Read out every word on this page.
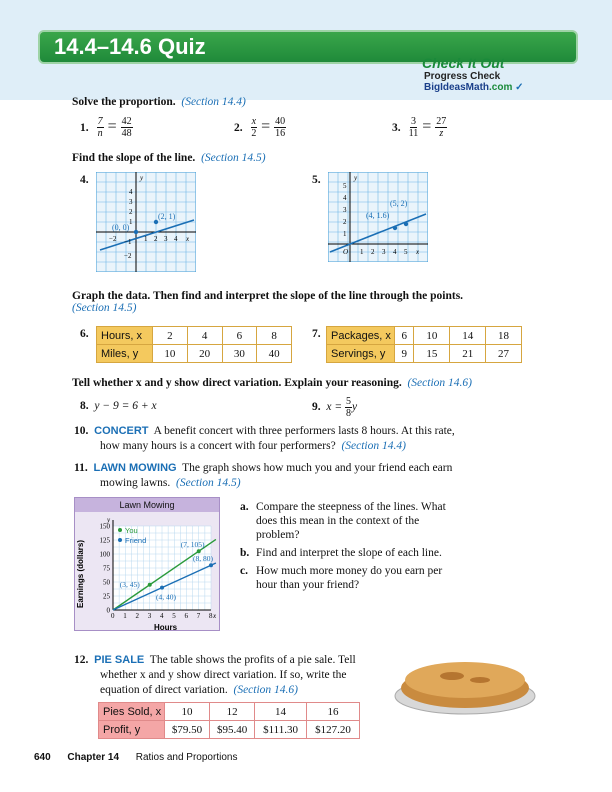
14.4–14.6 Quiz
Check It Out
Progress Check
BigIdeasMath.com ✓
Solve the proportion. (Section 14.4)
1. $\frac{7}{n} = \frac{42}{48}$	2. $\frac{x}{2} = \frac{40}{16}$	3. $\frac{3}{11} = \frac{27}{z}$
Find the slope of the line. (Section 14.5)
4.
(0, 0)
(2, 1)
y
4
3
2
1
−1
−2
−2	1 2 3 4 x
5.
(4, 1.6)
(5, 2)
y
5
4
3
2
1
O 1 2 3 4 5 x
Graph the data. Then find and interpret the slope of the line through the points.
(Section 14.5)
6. Hours, x	2	4	6	8
Miles, y	10	20	30	40
7. Packages, x	6	10	14	18
Servings, y	9	15	21	27
Tell whether x and y show direct variation. Explain your reasoning. (Section 14.6)
8. y − 9 = 6 + x	9. $x = \frac{5}{8}$ y
10. CONCERT A benefit concert with three performers lasts 8 hours. At this rate,
how many hours is a concert with four performers? (Section 14.4)
11. LAWN MOWING The graph shows how much you and your friend each earn
mowing lawns. (Section 14.5)
Lawn Mowing
0 1 2 3 4 5 6 7 8
0
25
50
75
100
125
150
x
y
Hours
Earnings (dollars)	(3, 45)
(7, 105)
You
(4, 40)
(8, 80)
Friend
a. Compare the steepness of the lines. What
does this mean in the context of the
problem?
b. Find and interpret the slope of each line.
c. How much more money do you earn per
hour than your friend?
12. PIE SALE The table shows the profits of a pie sale. Tell
whether x and y show direct variation. If so, write the
equation of direct variation. (Section 14.6)
Pies Sold, x	10	12	14	16
Profit, y	$79.50	$95.40	$111.30	$127.20
640 Chapter 14 Ratios and Proportions
